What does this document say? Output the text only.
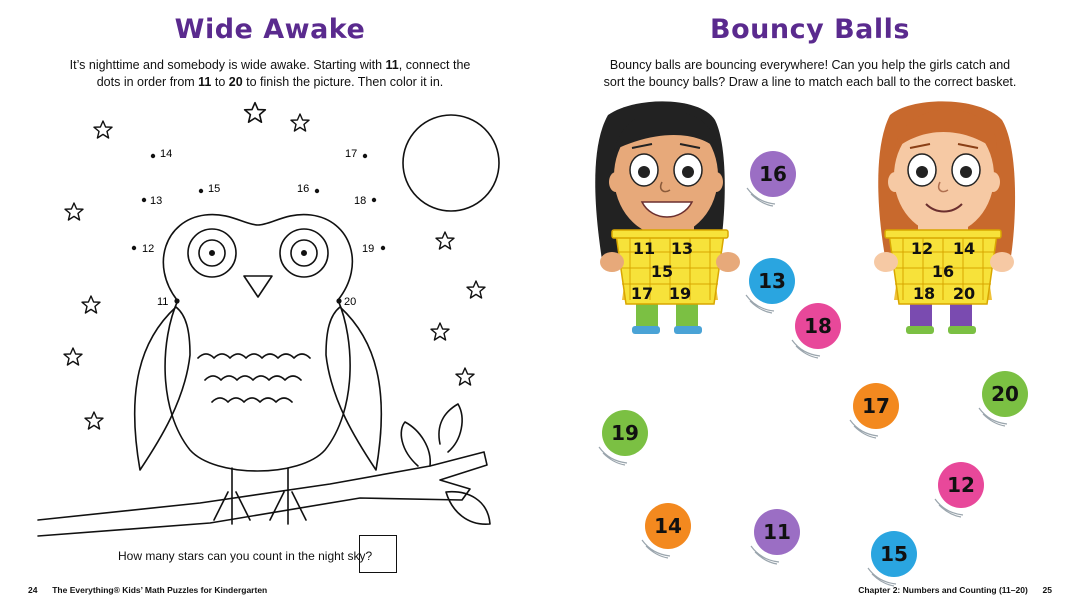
Wide Awake
It’s nighttime and somebody is wide awake. Starting with 11, connect the dots in order from 11 to 20 to finish the picture. Then color it in.
11
12
13
14
15	16
17
18
19
20
How many stars can you count in the night sky?
24 The Everything® Kids’ Math Puzzles for Kindergarten
Bouncy Balls
Bouncy balls are bouncing everywhere! Can you help the girls catch and sort the bouncy balls? Draw a line to match each ball to the correct basket.
11 13
15
17 19
12 14
16
18 20
16
13
18
17	20
19
12
14	11
15
Chapter 2: Numbers and Counting (11–20) 25
